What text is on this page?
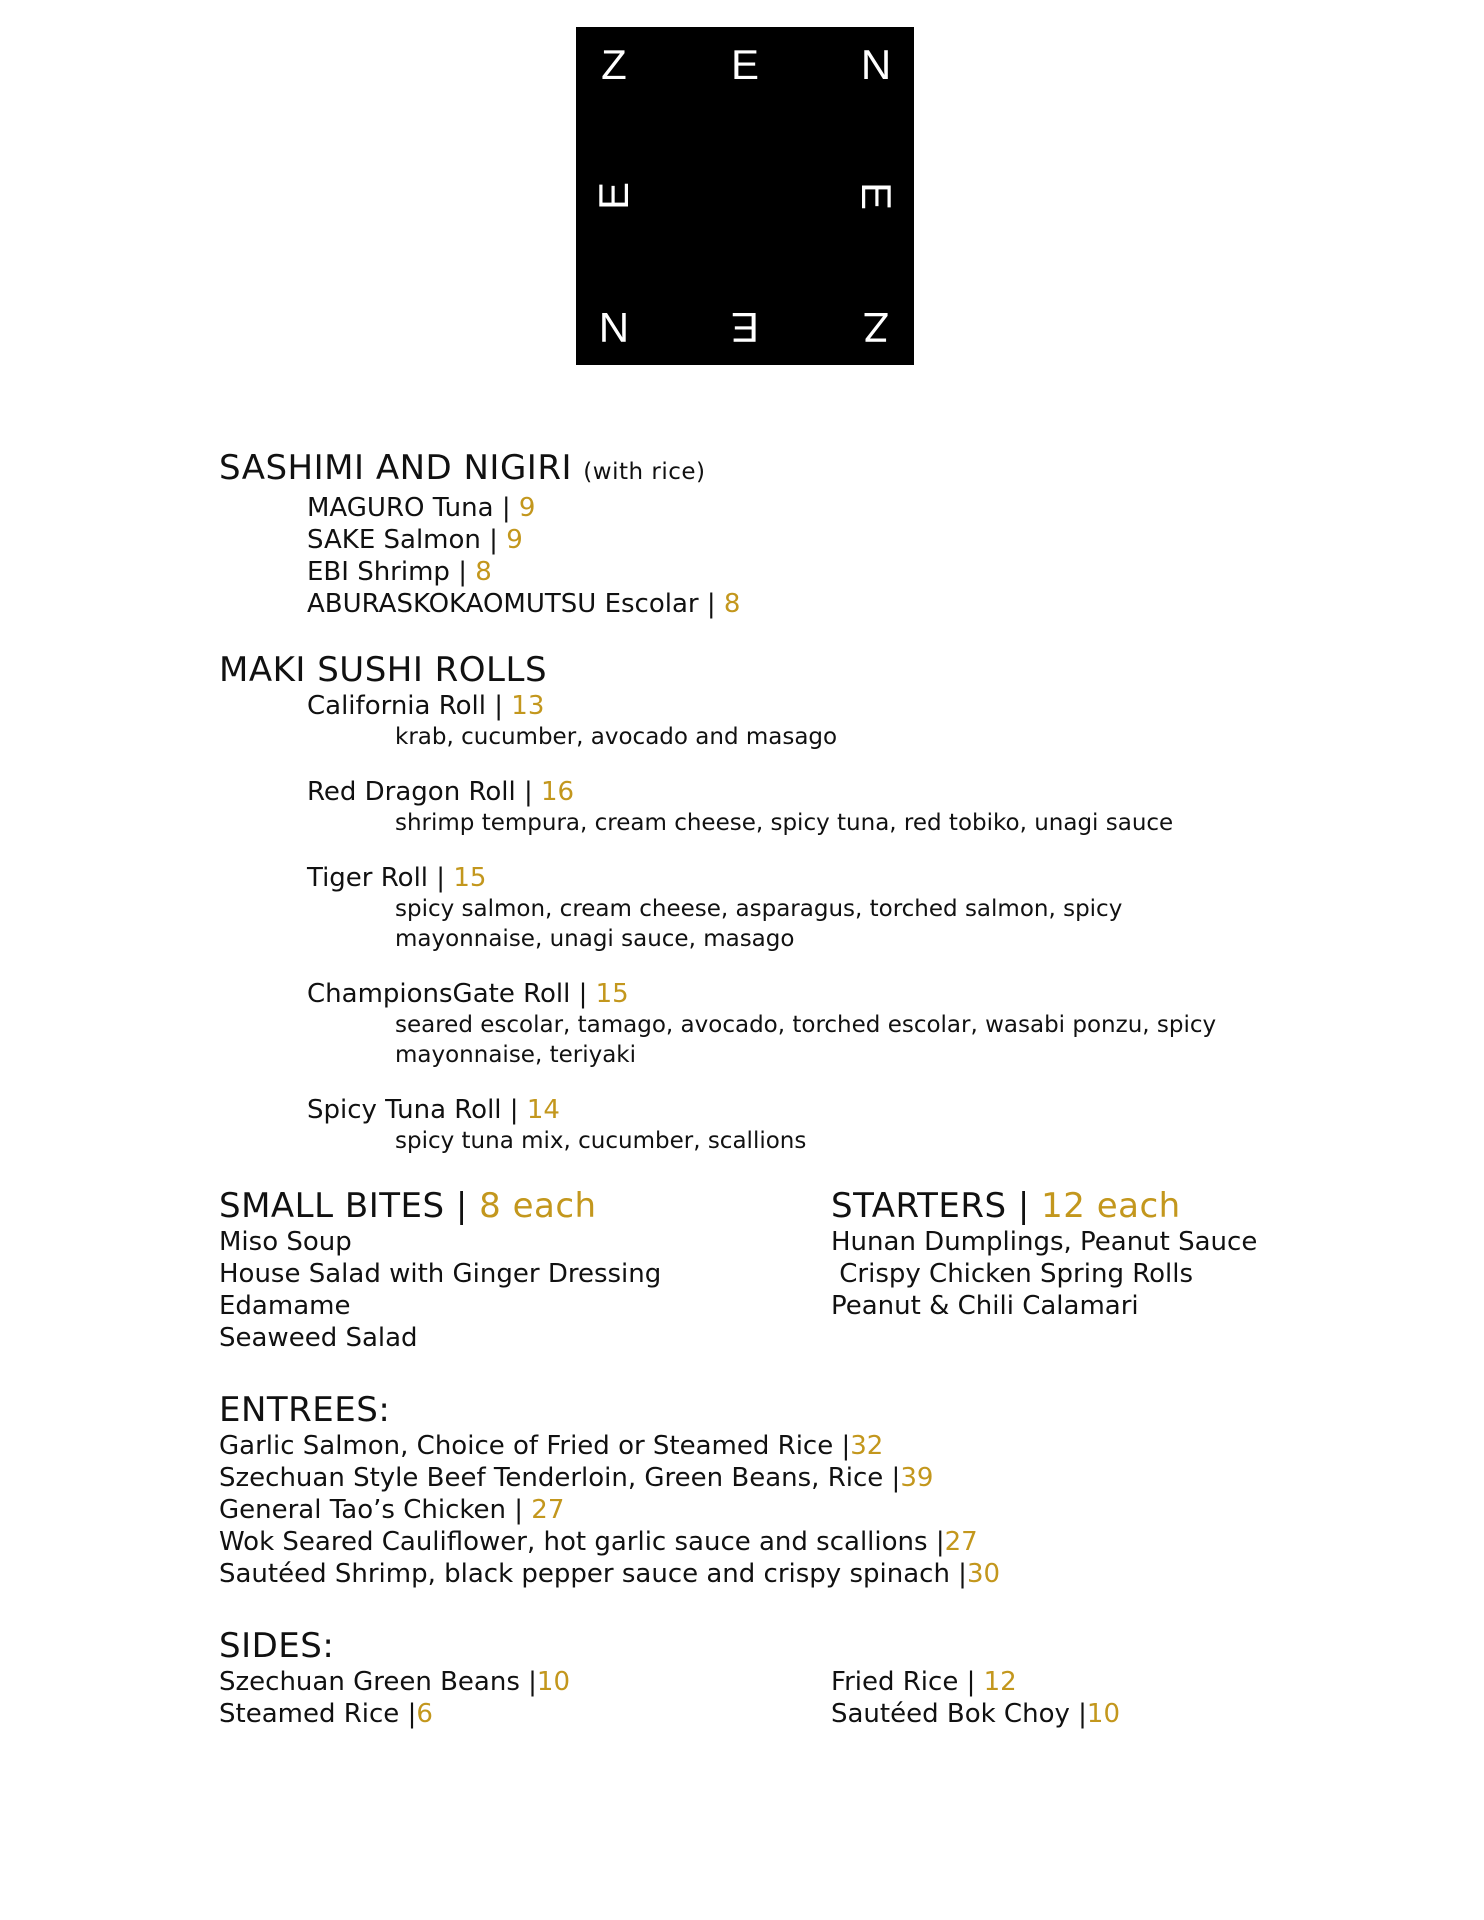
Z	E	N
E	E
N	E	Z
SASHIMI AND NIGIRI (with rice)
MAGURO Tuna | 9
SAKE Salmon | 9
EBI Shrimp | 8
ABURASKOKAOMUTSU Escolar | 8
MAKI SUSHI ROLLS
California Roll | 13
krab, cucumber, avocado and masago
Red Dragon Roll | 16
shrimp tempura, cream cheese, spicy tuna, red tobiko, unagi sauce
Tiger Roll | 15
spicy salmon, cream cheese, asparagus, torched salmon, spicy
mayonnaise, unagi sauce, masago
ChampionsGate Roll | 15
seared escolar, tamago, avocado, torched escolar, wasabi ponzu, spicy
mayonnaise, teriyaki
Spicy Tuna Roll | 14
spicy tuna mix, cucumber, scallions
SMALL BITES | 8 each
Miso Soup
House Salad with Ginger Dressing
Edamame
Seaweed Salad
STARTERS | 12 each
Hunan Dumplings, Peanut Sauce
Crispy Chicken Spring Rolls
Peanut & Chili Calamari
ENTREES:
Garlic Salmon, Choice of Fried or Steamed Rice |32
Szechuan Style Beef Tenderloin, Green Beans, Rice |39
General Tao’s Chicken | 27
Wok Seared Cauliflower, hot garlic sauce and scallions |27
Sautéed Shrimp, black pepper sauce and crispy spinach |30
SIDES:
Szechuan Green Beans |10
Steamed Rice |6
Fried Rice | 12
Sautéed Bok Choy |10
